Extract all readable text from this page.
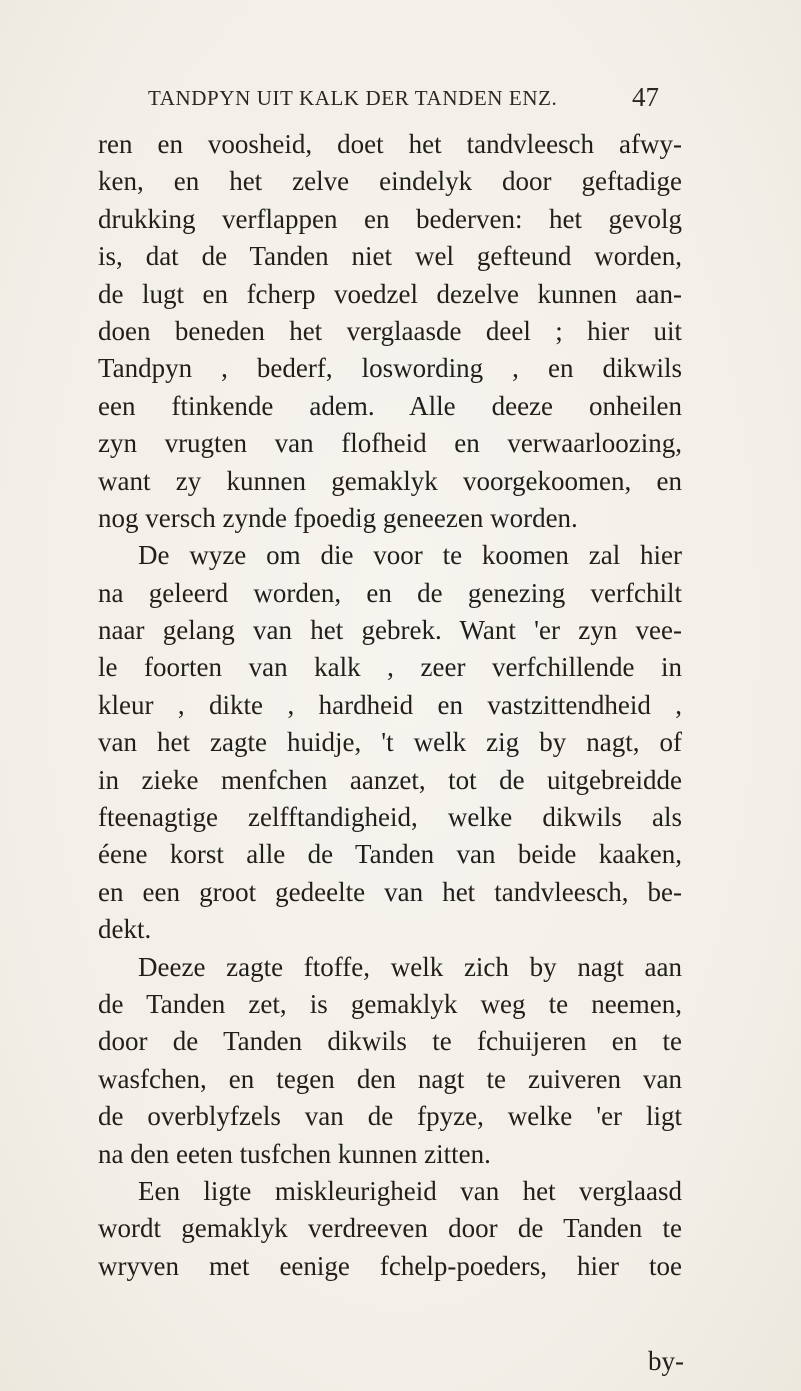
TANDPYN UIT KALK DER TANDEN ENZ.	47
ren en voosheid, doet het tandvleesch afwy-
ken, en het zelve eindelyk door geftadige
drukking verflappen en bederven: het gevolg
is, dat de Tanden niet wel gefteund worden,
de lugt en fcherp voedzel dezelve kunnen aan-
doen beneden het verglaasde deel ; hier uit
Tandpyn , bederf, loswording , en dikwils
een ftinkende adem. Alle deeze onheilen
zyn vrugten van flofheid en verwaarloozing,
want zy kunnen gemaklyk voorgekoomen, en
nog versch zynde fpoedig geneezen worden.
De wyze om die voor te koomen zal hier
na geleerd worden, en de genezing verfchilt
naar gelang van het gebrek. Want 'er zyn vee-
le foorten van kalk , zeer verfchillende in
kleur , dikte , hardheid en vastzittendheid ,
van het zagte huidje, 't welk zig by nagt, of
in zieke menfchen aanzet, tot de uitgebreidde
fteenagtige zelfftandigheid, welke dikwils als
éene korst alle de Tanden van beide kaaken,
en een groot gedeelte van het tandvleesch, be-
dekt.
Deeze zagte ftoffe, welk zich by nagt aan
de Tanden zet, is gemaklyk weg te neemen,
door de Tanden dikwils te fchuijeren en te
wasfchen, en tegen den nagt te zuiveren van
de overblyfzels van de fpyze, welke 'er ligt
na den eeten tusfchen kunnen zitten.
Een ligte miskleurigheid van het verglaasd
wordt gemaklyk verdreeven door de Tanden te
wryven met eenige fchelp-poeders, hier toe
by-
